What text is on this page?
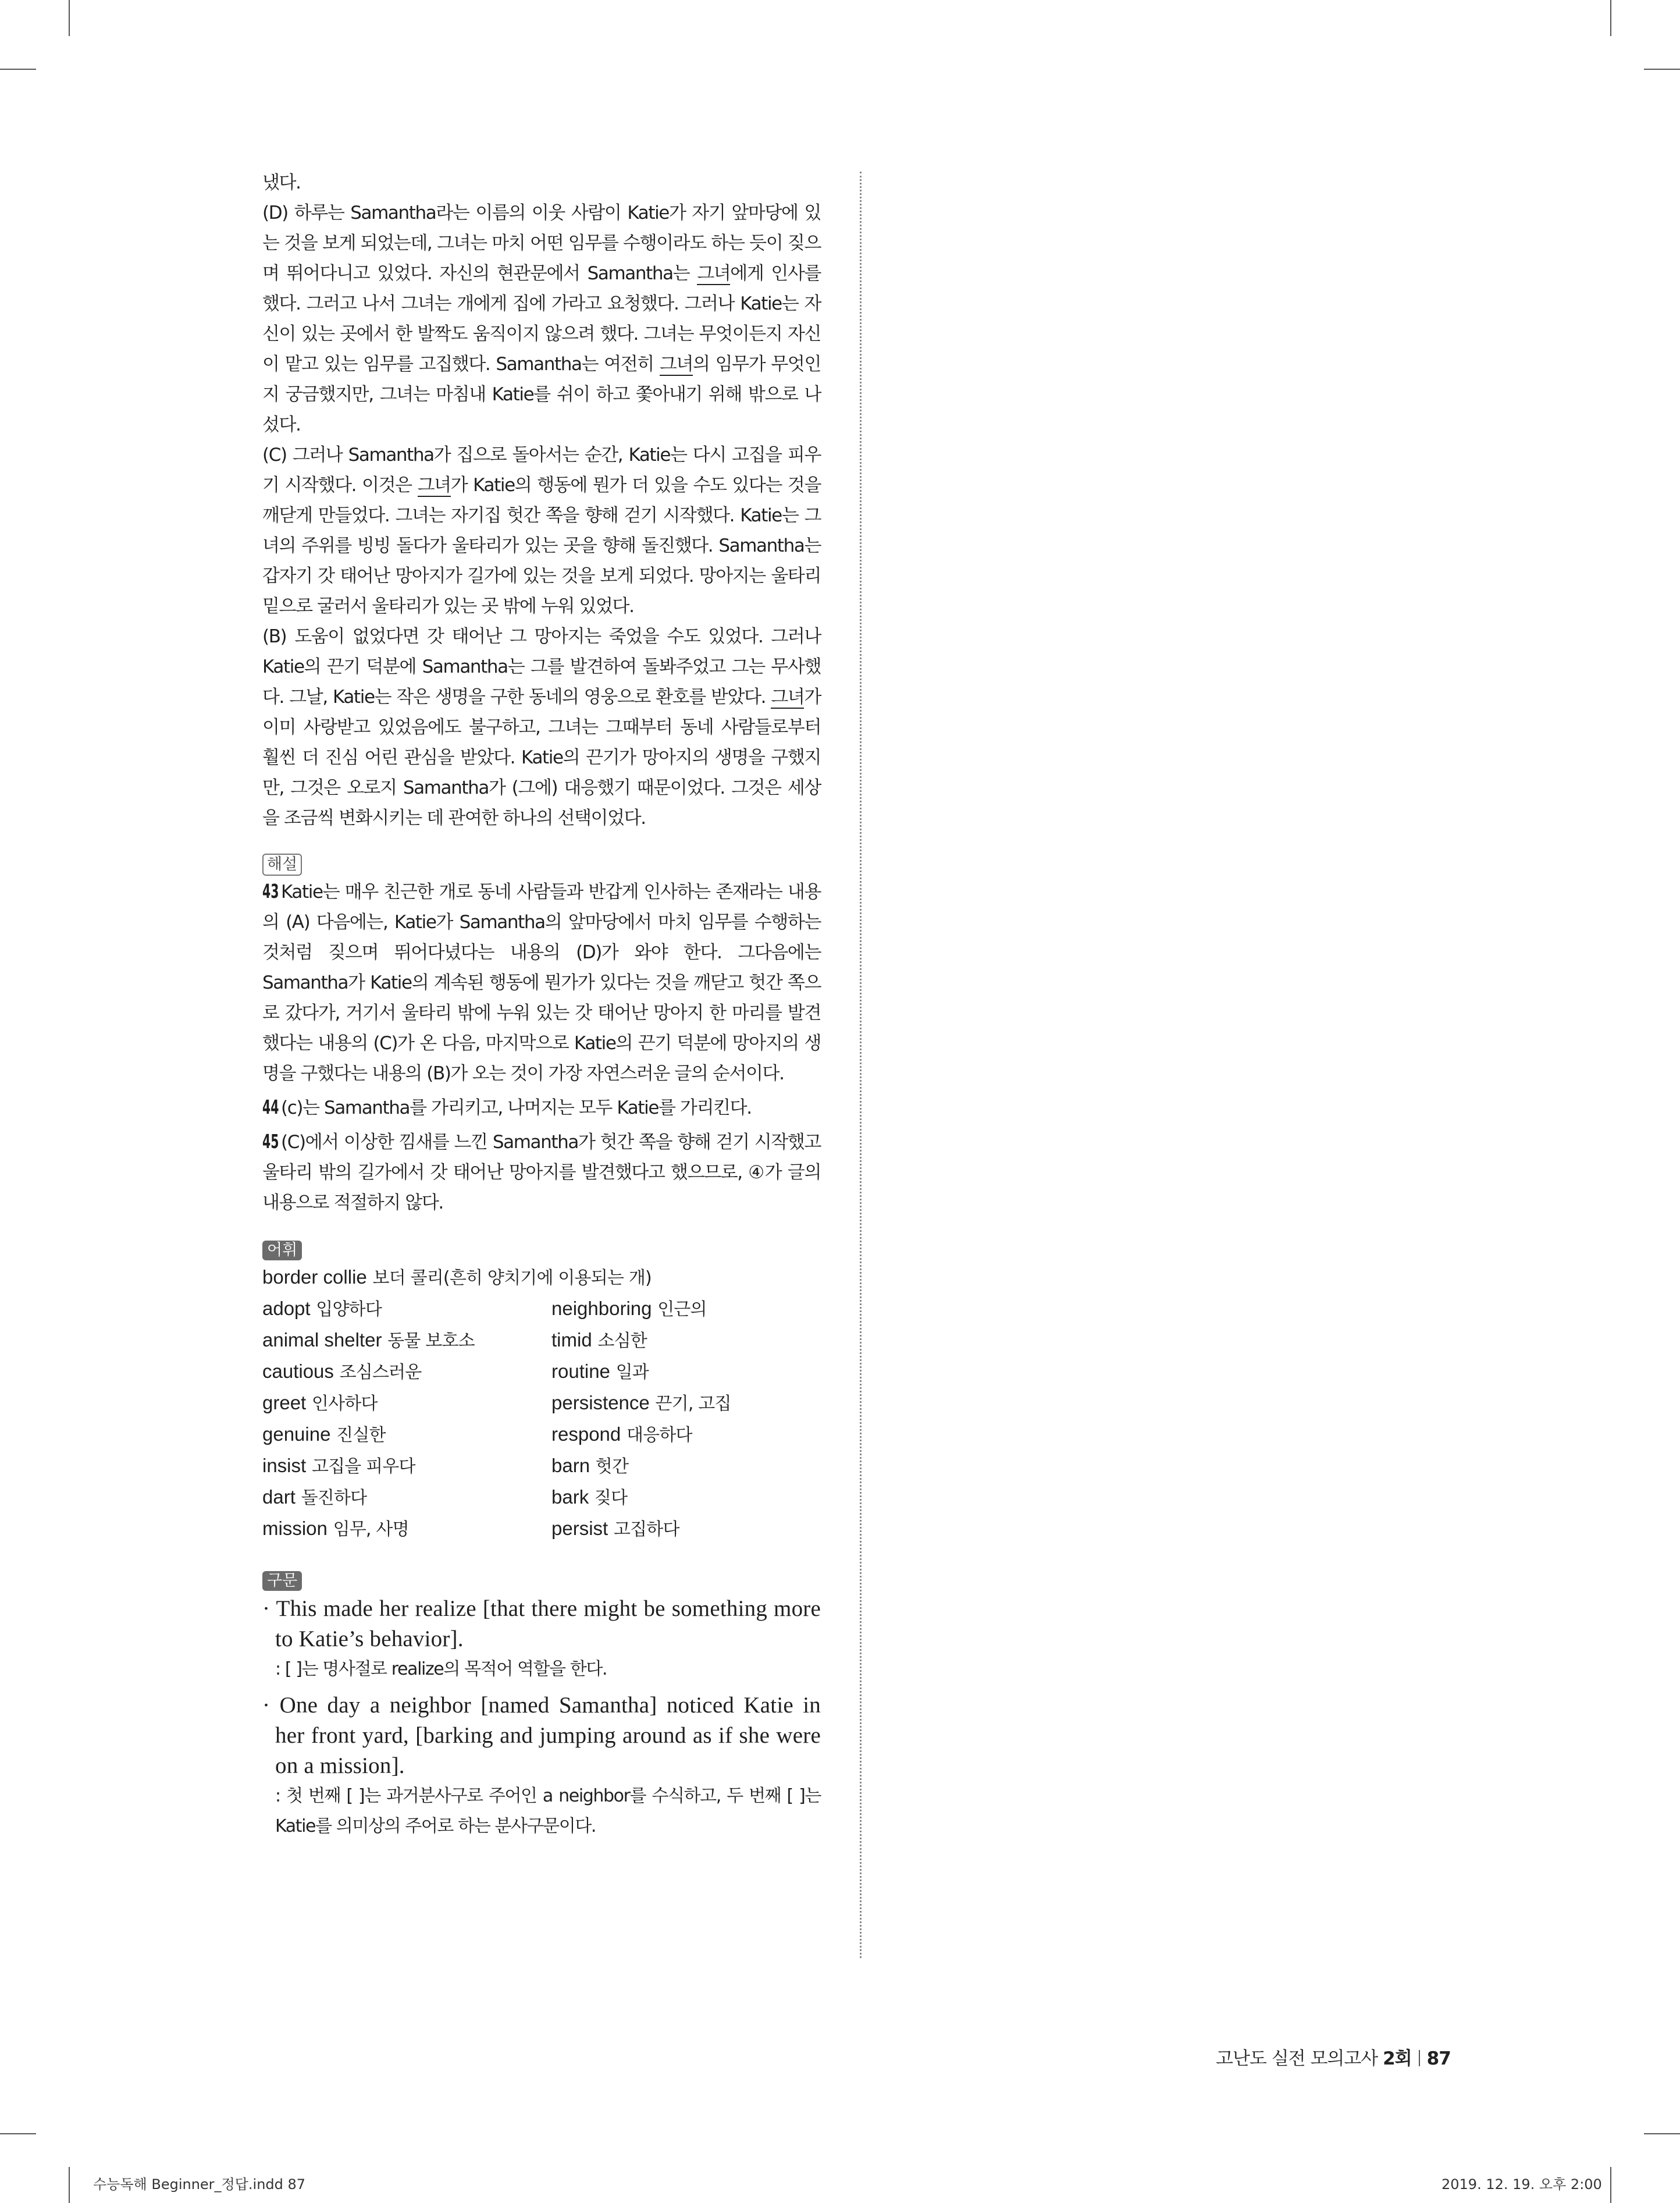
냈다.

(D) 하루는 Samantha라는 이름의 이웃 사람이 Katie가 자기 앞마당에 있는 것을 보게 되었는데, 그녀는 마치 어떤 임무를 수행이라도 하는 듯이 짖으며 뛰어다니고 있었다. 자신의 현관문에서 Samantha는 그녀에게 인사를 했다. 그러고 나서 그녀는 개에게 집에 가라고 요청했다. 그러나 Katie는 자신이 있는 곳에서 한 발짝도 움직이지 않으려 했다. 그녀는 무엇이든지 자신이 맡고 있는 임무를 고집했다. Samantha는 여전히 그녀의 임무가 무엇인지 궁금했지만, 그녀는 마침내 Katie를 쉬이 하고 쫓아내기 위해 밖으로 나섰다.

(C) 그러나 Samantha가 집으로 돌아서는 순간, Katie는 다시 고집을 피우기 시작했다. 이것은 그녀가 Katie의 행동에 뭔가 더 있을 수도 있다는 것을 깨닫게 만들었다. 그녀는 자기집 헛간 쪽을 향해 걷기 시작했다. Katie는 그녀의 주위를 빙빙 돌다가 울타리가 있는 곳을 향해 돌진했다. Samantha는 갑자기 갓 태어난 망아지가 길가에 있는 것을 보게 되었다. 망아지는 울타리 밑으로 굴러서 울타리가 있는 곳 밖에 누워 있었다.

(B) 도움이 없었다면 갓 태어난 그 망아지는 죽었을 수도 있었다. 그러나 Katie의 끈기 덕분에 Samantha는 그를 발견하여 돌봐주었고 그는 무사했다. 그날, Katie는 작은 생명을 구한 동네의 영웅으로 환호를 받았다. 그녀가 이미 사랑받고 있었음에도 불구하고, 그녀는 그때부터 동네 사람들로부터 훨씬 더 진심 어린 관심을 받았다. Katie의 끈기가 망아지의 생명을 구했지만, 그것은 오로지 Samantha가 (그에) 대응했기 때문이었다. 그것은 세상을 조금씩 변화시키는 데 관여한 하나의 선택이었다.

해설

43 Katie는 매우 친근한 개로 동네 사람들과 반갑게 인사하는 존재라는 내용의 (A) 다음에는, Katie가 Samantha의 앞마당에서 마치 임무를 수행하는 것처럼 짖으며 뛰어다녔다는 내용의 (D)가 와야 한다. 그다음에는 Samantha가 Katie의 계속된 행동에 뭔가가 있다는 것을 깨닫고 헛간 쪽으로 갔다가, 거기서 울타리 밖에 누워 있는 갓 태어난 망아지 한 마리를 발견했다는 내용의 (C)가 온 다음, 마지막으로 Katie의 끈기 덕분에 망아지의 생명을 구했다는 내용의 (B)가 오는 것이 가장 자연스러운 글의 순서이다.

44 (c)는 Samantha를 가리키고, 나머지는 모두 Katie를 가리킨다.

45 (C)에서 이상한 낌새를 느낀 Samantha가 헛간 쪽을 향해 걷기 시작했고 울타리 밖의 길가에서 갓 태어난 망아지를 발견했다고 했으므로, ④가 글의 내용으로 적절하지 않다.

어휘
border collie 보더 콜리(흔히 양치기에 이용되는 개)
adopt 입양하다	neighboring 인근의
animal shelter 동물 보호소	timid 소심한
cautious 조심스러운	routine 일과
greet 인사하다	persistence 끈기, 고집
genuine 진실한	respond 대응하다
insist 고집을 피우다	barn 헛간
dart 돌진하다	bark 짖다
mission 임무, 사명	persist 고집하다
구문

· This made her realize [that there might be something more to Katie’s behavior].

: [ ]는 명사절로 realize의 목적어 역할을 한다.

· One day a neighbor [named Samantha] noticed Katie in her front yard, [barking and jumping around as if she were on a mission].

: 첫 번째 [ ]는 과거분사구로 주어인 a neighbor를 수식하고, 두 번째 [ ]는 Katie를 의미상의 주어로 하는 분사구문이다.

고난도 실전 모의고사 2회 87
수능독해 Beginner_정답.indd 87	2019. 12. 19. 오후 2:00
